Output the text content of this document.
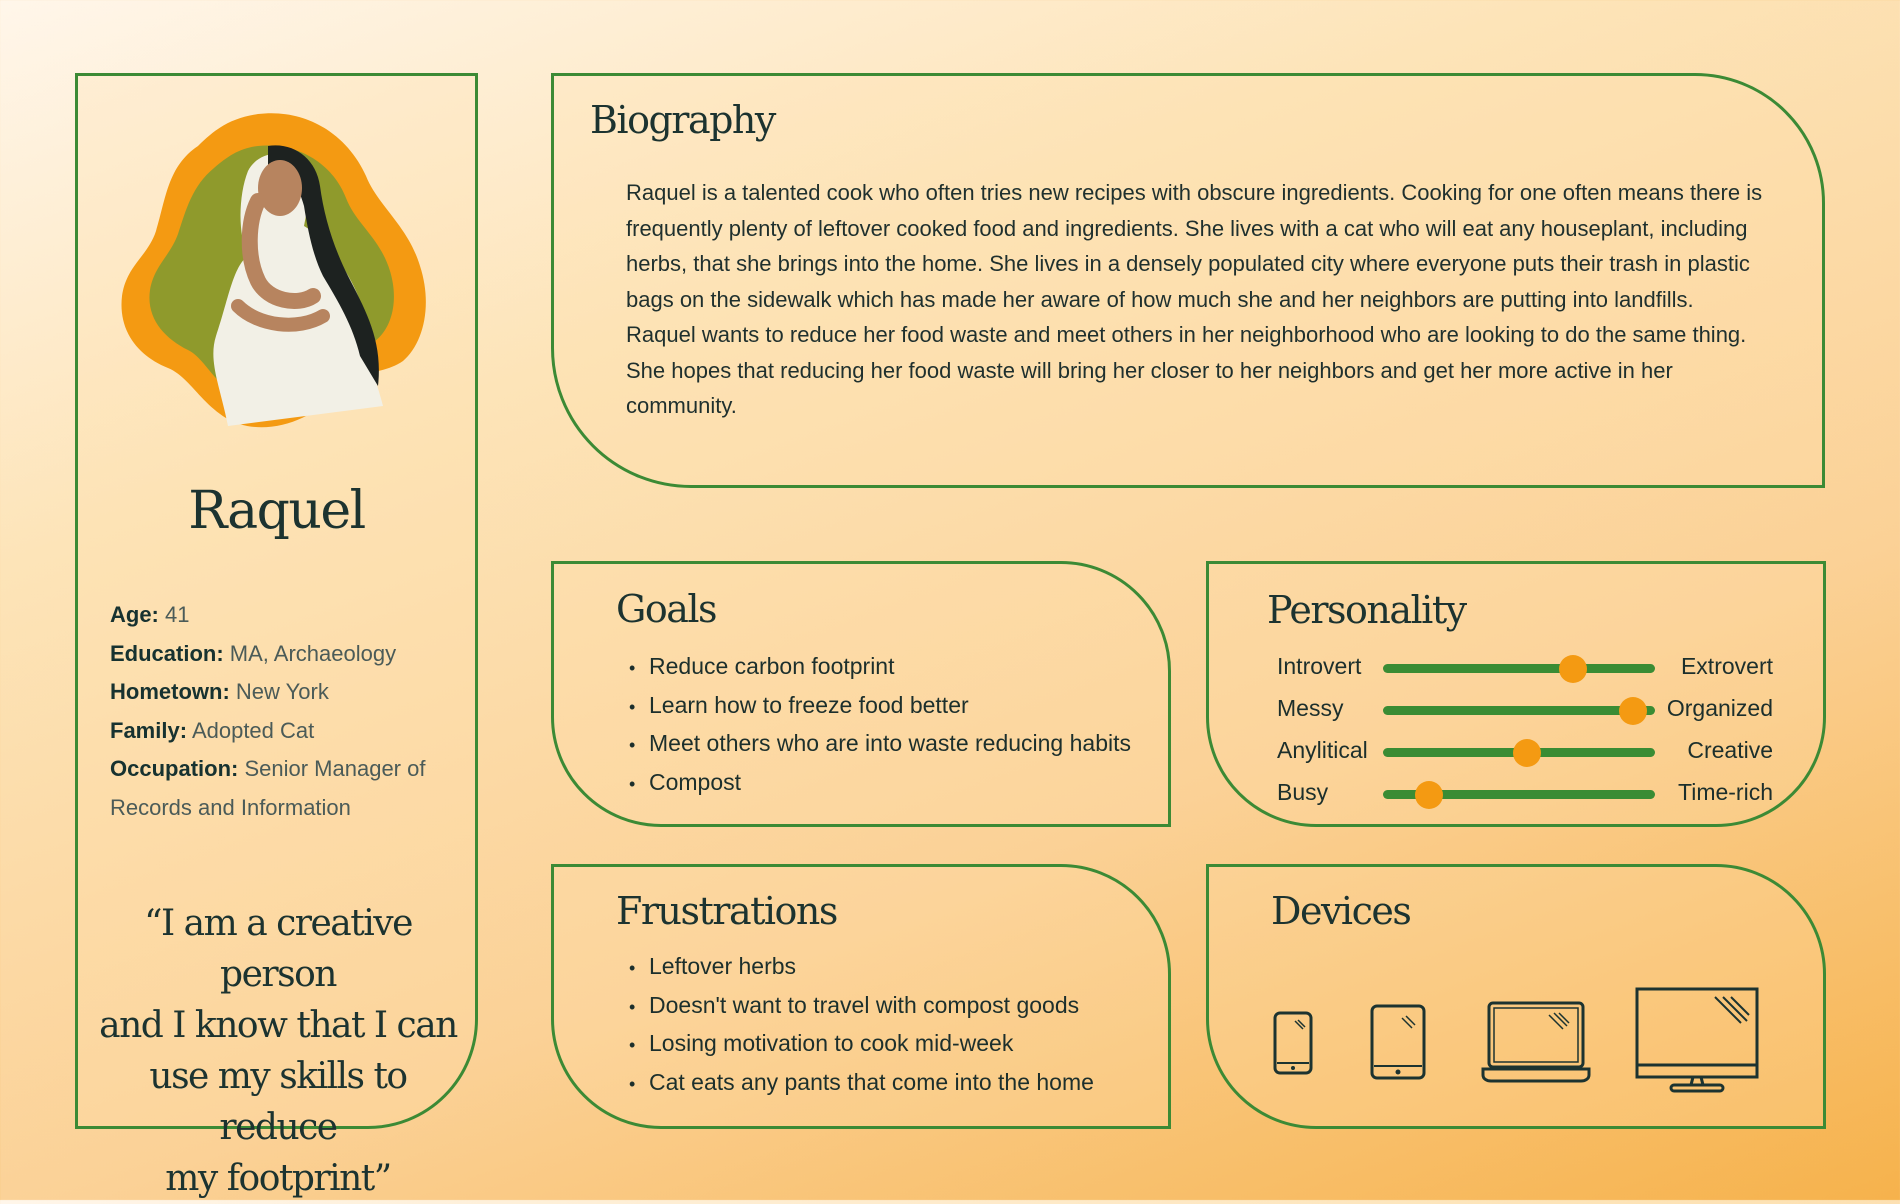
Raquel
Age: 41
Education: MA, Archaeology
Hometown: New York
Family: Adopted Cat
Occupation: Senior Manager of Records and Information
“I am a creative person
and I know that I can
use my skills to reduce
my footprint”
Biography

Raquel is a talented cook who often tries new recipes with obscure ingredients. Cooking for one often means there is frequently plenty of leftover cooked food and ingredients. She lives with a cat who will eat any houseplant, including herbs, that she brings into the home. She lives in a densely populated city where everyone puts their trash in plastic bags on the sidewalk which has made her aware of how much she and her neighbors are putting into landfills. Raquel wants to reduce her food waste and meet others in her neighborhood who are looking to do the same thing. She hopes that reducing her food waste will bring her closer to her neighbors and get her more active in her community.

Goals
• Reduce carbon footprint
• Learn how to freeze food better
• Meet others who are into waste reducing habits
• Compost
Personality
Introvert	Extrovert
Messy	Organized
Anylitical	Creative
Busy	Time-rich
Frustrations
• Leftover herbs
• Doesn't want to travel with compost goods
• Losing motivation to cook mid-week
• Cat eats any pants that come into the home
Devices
